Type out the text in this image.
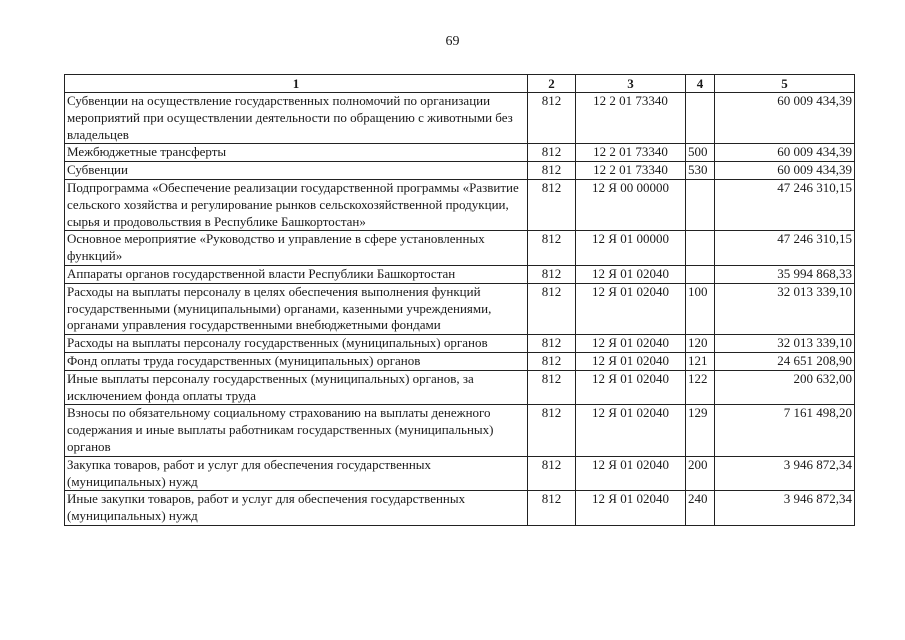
69
1	2	3	4	5
Субвенции на осуществление государственных полномочий по организации мероприятий при осуществлении деятельности по обращению с животными без владельцев	812	12 2 01 73340		60 009 434,39
Межбюджетные трансферты	812	12 2 01 73340	500	60 009 434,39
Субвенции	812	12 2 01 73340	530	60 009 434,39
Подпрограмма «Обеспечение реализации государственной программы «Развитие сельского хозяйства и регулирование рынков сельскохозяйственной продукции, сырья и продовольствия в Республике Башкортостан»	812	12 Я 00 00000		47 246 310,15
Основное мероприятие «Руководство и управление в сфере установленных функций»	812	12 Я 01 00000		47 246 310,15
Аппараты органов государственной власти Республики Башкортостан	812	12 Я 01 02040		35 994 868,33
Расходы на выплаты персоналу в целях обеспечения выполнения функций государственными (муниципальными) органами, казенными учреждениями, органами управления государственными внебюджетными фондами	812	12 Я 01 02040	100	32 013 339,10
Расходы на выплаты персоналу государственных (муниципальных) органов	812	12 Я 01 02040	120	32 013 339,10
Фонд оплаты труда государственных (муниципальных) органов	812	12 Я 01 02040	121	24 651 208,90
Иные выплаты персоналу государственных (муниципальных) органов, за исключением фонда оплаты труда	812	12 Я 01 02040	122	200 632,00
Взносы по обязательному социальному страхованию на выплаты денежного содержания и иные выплаты работникам государственных (муниципальных) органов	812	12 Я 01 02040	129	7 161 498,20
Закупка товаров, работ и услуг для обеспечения государственных (муниципальных) нужд	812	12 Я 01 02040	200	3 946 872,34
Иные закупки товаров, работ и услуг для обеспечения государственных (муниципальных) нужд	812	12 Я 01 02040	240	3 946 872,34
